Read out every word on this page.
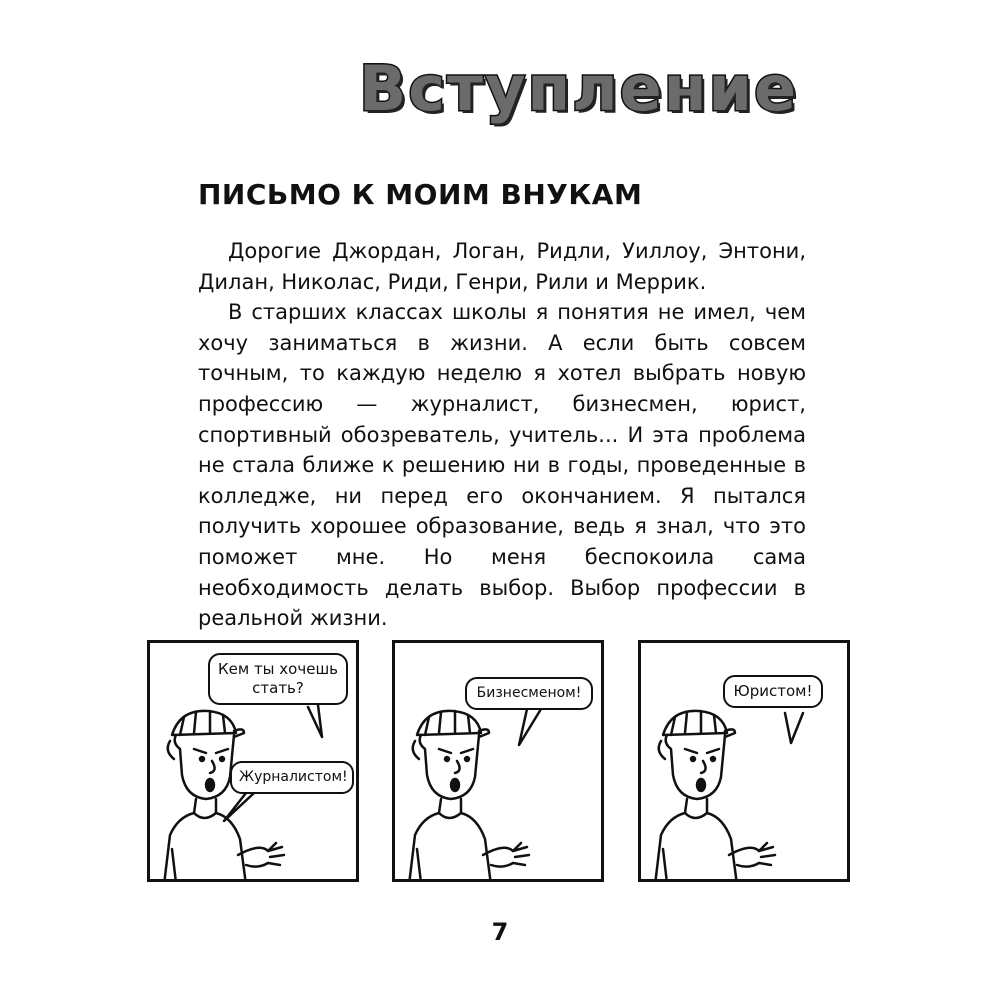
Вступление
ПИСЬМО К МОИМ ВНУКАМ

Дорогие Джордан, Логан, Ридли, Уиллоу, Энтони, Дилан, Николас, Риди, Генри, Рили и Меррик.

В старших классах школы я понятия не имел, чем хочу заниматься в жизни. А если быть совсем точным, то каждую неделю я хотел выбрать новую профессию — журналист, бизнесмен, юрист, спортивный обозреватель, учитель... И эта проблема не стала ближе к решению ни в годы, проведенные в колледже, ни перед его окончанием. Я пытался получить хорошее образование, ведь я знал, что это поможет мне. Но меня беспокоила сама необходимость делать выбор. Выбор профессии в реальной жизни.

Кем ты хочешь стать?
Журналистом!
Бизнесменом!	Юристом!
7
